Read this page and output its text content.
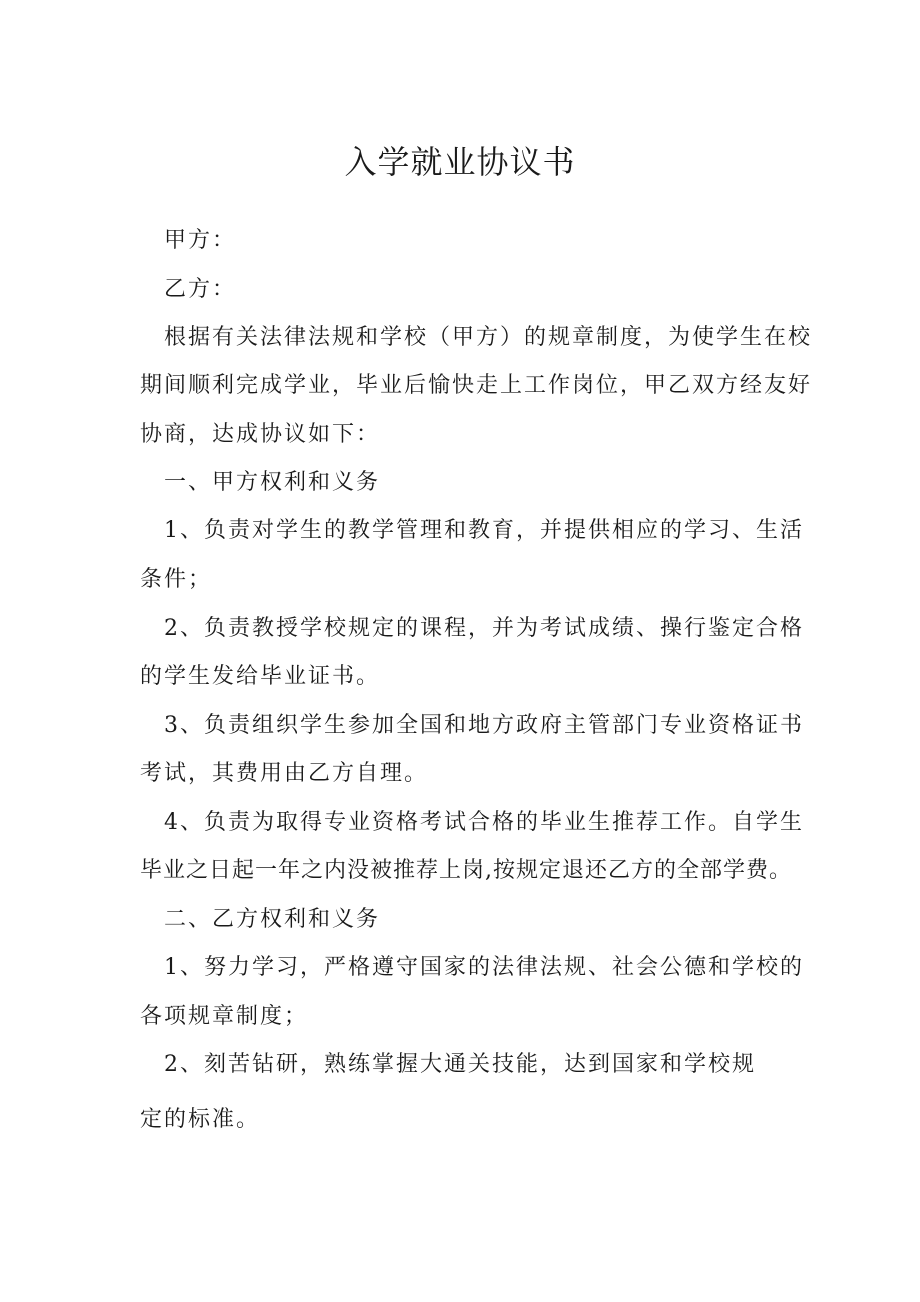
入学就业协议书
甲方：
乙方：
根据有关法律法规和学校（甲方）的规章制度，为使学生在校
期间顺利完成学业，毕业后愉快走上工作岗位，甲乙双方经友好
协商，达成协议如下：
一、甲方权利和义务
1、负责对学生的教学管理和教育，并提供相应的学习、生活
条件；
2、负责教授学校规定的课程，并为考试成绩、操行鉴定合格
的学生发给毕业证书。
3、负责组织学生参加全国和地方政府主管部门专业资格证书
考试，其费用由乙方自理。
4、负责为取得专业资格考试合格的毕业生推荐工作。自学生
毕业之日起一年之内没被推荐上岗,按规定退还乙方的全部学费。
二、乙方权利和义务
1、努力学习，严格遵守国家的法律法规、社会公德和学校的
各项规章制度；
2、刻苦钻研，熟练掌握大通关技能，达到国家和学校规
定的标准。
